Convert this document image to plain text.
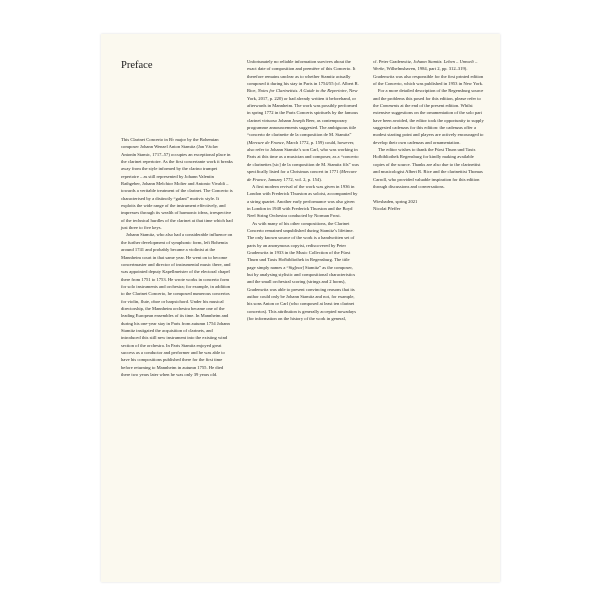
Preface

This Clarinet Concerto in B♭ major by the Bohemian composer Johann Wenzel Anton Stamitz (Jan Václav Antonín Stamic, 1717–57) occupies an exceptional place in the clarinet repertoire. As the first concertante work it breaks away from the style informed by the clarino trumpet repertoire – as still represented by Johann Valentin Rathgeber, Johann Melchior Molter and Antonio Vivaldi – towards a veritable treatment of the clarinet. The Concerto is characterised by a distinctly “galant” motivic style. It exploits the wide range of the instrument effectively, and impresses through its wealth of harmonic ideas, irrespective of the technical hurdles of the clarinet at that time which had just three to five keys.

Johann Stamitz, who also had a considerable influence on the further development of symphonic form, left Bohemia around 1741 and probably became a violinist at the Mannheim court in that same year. He went on to become concertmaster and director of instrumental music there, and was appointed deputy Kapellmeister of the electoral chapel there from 1751 to 1753. He wrote works in concerto form for solo instruments and orchestra; for example, in addition to the Clarinet Concerto, he composed numerous concertos for violin, flute, oboe or harpsichord. Under his musical directorship, the Mannheim orchestra became one of the leading European ensembles of its time. In Mannheim and during his one-year stay in Paris from autumn 1754 Johann Stamitz instigated the acquisition of clarinets, and introduced this still new instrument into the existing wind section of the orchestra. In Paris Stamitz enjoyed great success as a conductor and performer and he was able to have his compositions published there for the first time before returning to Mannheim in autumn 1755. He died there two years later when he was only 39 years old.

Unfortunately no reliable information survives about the exact date of composition and première of this Concerto. It therefore remains unclear as to whether Stamitz actually composed it during his stay in Paris in 1754/55 (cf. Albert R. Rice, Notes for Clarinetists. A Guide to the Repertoire, New York, 2017, p. 220) or had already written it beforehand, or afterwards in Mannheim. The work was possibly performed in spring 1772 in the Paris Concerts spirituels by the famous clarinet virtuoso Johann Joseph Beer, as contemporary programme announcements suggested. The ambiguous title “concerto de clarinette de la composition de M. Stamitz” (Mercure de France, March 1772, p. 159) could, however, also refer to Johann Stamitz’s son Carl, who was working in Paris at this time as a musician and composer, as a “concerto de clarinettes [sic] de la composition de M. Stamitz fils” was specifically listed for a Christmas concert in 1771 (Mercure de France, January 1772, vol. 2, p. 154).

A first modern revival of the work was given in 1936 in London with Frederick Thurston as soloist, accompanied by a string quartet. Another early performance was also given in London in 1948 with Frederick Thurston and the Boyd Neel String Orchestra conducted by Norman Frost.

As with many of his other compositions, the Clarinet Concerto remained unpublished during Stamitz’s lifetime. The only known source of the work is a handwritten set of parts by an anonymous copyist, rediscovered by Peter Gradenwitz in 1933 in the Music Collection of the Fürst Thurn und Taxis Hofbibliothek in Regensburg. The title page simply names a “Sig[nor] Stamitz” as the composer, but by analysing stylistic and compositional characteristics and the small orchestral scoring (strings and 2 horns), Gradenwitz was able to present convincing reasons that its author could only be Johann Stamitz and not, for example, his sons Anton or Carl (who composed at least ten clarinet concertos). This attribution is generally accepted nowadays (for information on the history of the work in general,

cf. Peter Gradenwitz, Johann Stamitz. Leben – Umwelt – Werke, Wilhelmshaven, 1984, part 2, pp. 312–319). Gradenwitz was also responsible for the first printed edition of the Concerto, which was published in 1953 in New York.

For a more detailed description of the Regensburg source and the problems this posed for this edition, please refer to the Comments at the end of the present edition. Whilst extensive suggestions on the ornamentation of the solo part have been avoided, the editor took the opportunity to supply suggested cadenzas for this edition: the cadenzas offer a modest starting point and players are actively encouraged to develop their own cadenzas and ornamentation.

The editor wishes to thank the Fürst Thurn und Taxis Hofbibliothek Regensburg for kindly making available copies of the source. Thanks are also due to the clarinettist and musicologist Albert R. Rice and the clarinettist Thomas Carroll, who provided valuable inspiration for this edition through discussions and conversations.

Wiesbaden, spring 2021

Nicolai Pfeffer
